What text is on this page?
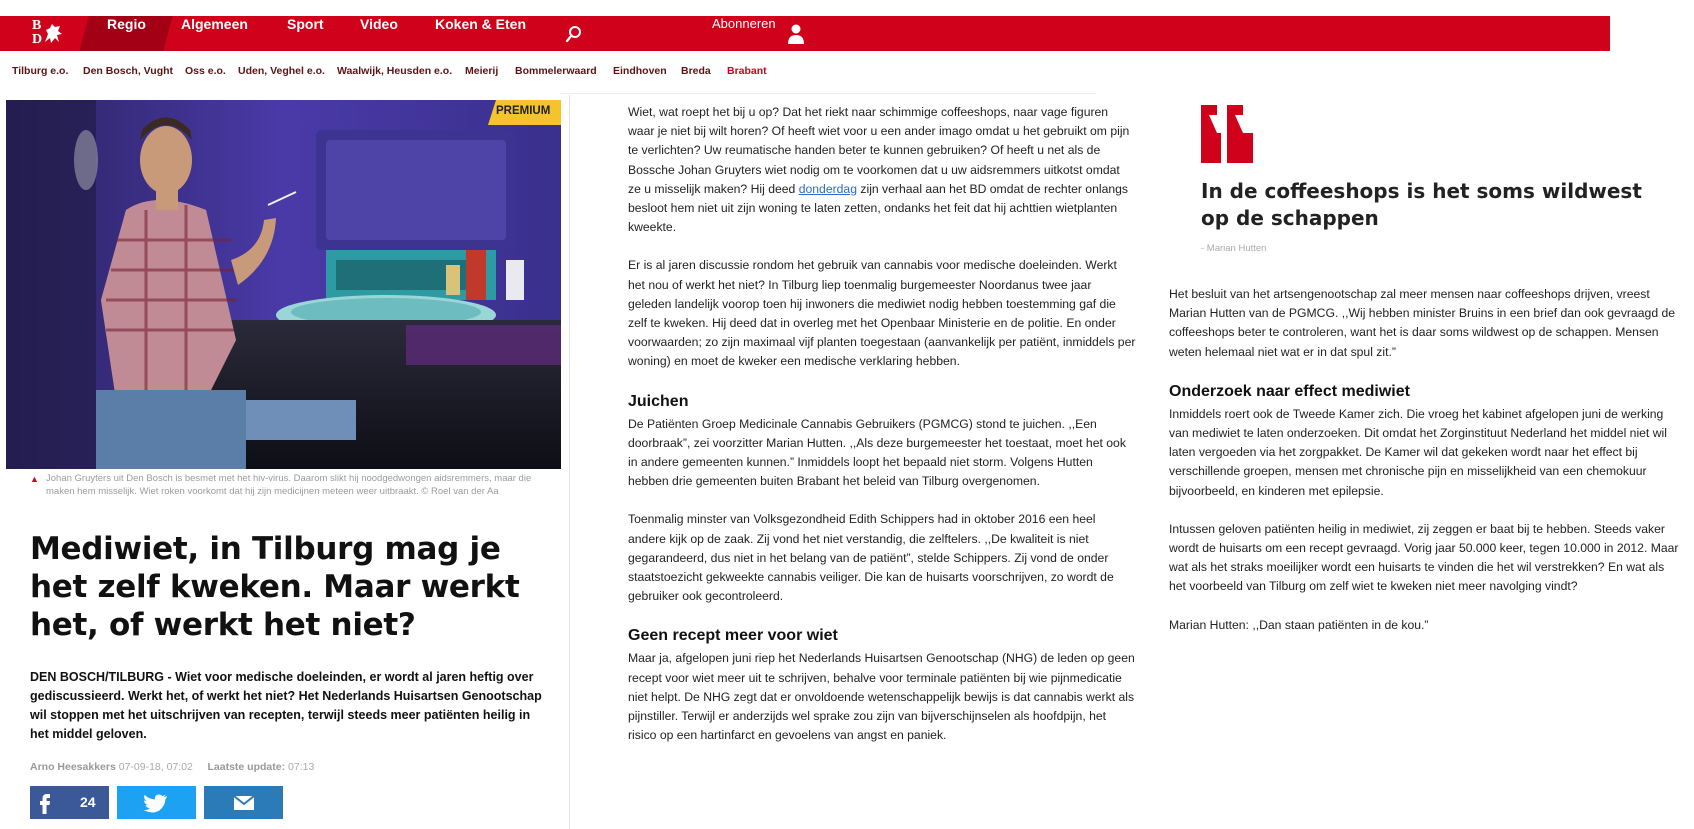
B
D
Regio	Algemeen	Sport	Video	Koken & Eten	Abonneren
Tilburg e.o. Den Bosch, Vught Oss e.o. Uden, Veghel e.o. Waalwijk, Heusden e.o. Meierij Bommelerwaard Eindhoven Breda Brabant
PREMIUM
▲ Johan Gruyters uit Den Bosch is besmet met het hiv-virus. Daarom slikt hij noodgedwongen aidsremmers, maar die maken hem misselijk. Wiet roken voorkomt dat hij zijn medicijnen meteen weer uitbraakt. © Roel van der Aa
Mediwiet, in Tilburg mag je het zelf kweken. Maar werkt het, of werkt het niet?

DEN BOSCH/TILBURG - Wiet voor medische doeleinden, er wordt al jaren heftig over gediscussieerd. Werkt het, of werkt het niet? Het Nederlands Huisartsen Genootschap wil stoppen met het uitschrijven van recepten, terwijl steeds meer patiënten heilig in het middel geloven.

Arno Heesakkers 07-09-18, 07:02 Laatste update: 07:13
24

Wiet, wat roept het bij u op? Dat het riekt naar schimmige coffeeshops, naar vage figuren waar je niet bij wilt horen? Of heeft wiet voor u een ander imago omdat u het gebruikt om pijn te verlichten? Uw reumatische handen beter te kunnen gebruiken? Of heeft u net als de Bossche Johan Gruyters wiet nodig om te voorkomen dat u uw aidsremmers uitkotst omdat ze u misselijk maken? Hij deed donderdag zijn verhaal aan het BD omdat de rechter onlangs besloot hem niet uit zijn woning te laten zetten, ondanks het feit dat hij achttien wietplanten kweekte.

Er is al jaren discussie rondom het gebruik van cannabis voor medische doeleinden. Werkt het nou of werkt het niet? In Tilburg liep toenmalig burgemeester Noordanus twee jaar geleden landelijk voorop toen hij inwoners die mediwiet nodig hebben toestemming gaf die zelf te kweken. Hij deed dat in overleg met het Openbaar Ministerie en de politie. En onder voorwaarden; zo zijn maximaal vijf planten toegestaan (aanvankelijk per patiënt, inmiddels per woning) en moet de kweker een medische verklaring hebben.

Juichen

De Patiënten Groep Medicinale Cannabis Gebruikers (PGMCG) stond te juichen. ,,Een doorbraak”, zei voorzitter Marian Hutten. ,,Als deze burgemeester het toestaat, moet het ook in andere gemeenten kunnen.” Inmiddels loopt het bepaald niet storm. Volgens Hutten hebben drie gemeenten buiten Brabant het beleid van Tilburg overgenomen.

Toenmalig minster van Volksgezondheid Edith Schippers had in oktober 2016 een heel andere kijk op de zaak. Zij vond het niet verstandig, die zelftelers. ,,De kwaliteit is niet gegarandeerd, dus niet in het belang van de patiënt”, stelde Schippers. Zij vond de onder staatstoezicht gekweekte cannabis veiliger. Die kan de huisarts voorschrijven, zo wordt de gebruiker ook gecontroleerd.

Geen recept meer voor wiet

Maar ja, afgelopen juni riep het Nederlands Huisartsen Genootschap (NHG) de leden op geen recept voor wiet meer uit te schrijven, behalve voor terminale patiënten bij wie pijnmedicatie niet helpt. De NHG zegt dat er onvoldoende wetenschappelijk bewijs is dat cannabis werkt als pijnstiller. Terwijl er anderzijds wel sprake zou zijn van bijverschijnselen als hoofdpijn, het risico op een hartinfarct en gevoelens van angst en paniek.

In de coffeeshops is het soms wildwest op de schappen
- Marian Hutten

Het besluit van het artsengenootschap zal meer mensen naar coffeeshops drijven, vreest Marian Hutten van de PGMCG. ,,Wij hebben minister Bruins in een brief dan ook gevraagd de coffeeshops beter te controleren, want het is daar soms wildwest op de schappen. Mensen weten helemaal niet wat er in dat spul zit.”

Onderzoek naar effect mediwiet

Inmiddels roert ook de Tweede Kamer zich. Die vroeg het kabinet afgelopen juni de werking van mediwiet te laten onderzoeken. Dit omdat het Zorginstituut Nederland het middel niet wil laten vergoeden via het zorgpakket. De Kamer wil dat gekeken wordt naar het effect bij verschillende groepen, mensen met chronische pijn en misselijkheid van een chemokuur bijvoorbeeld, en kinderen met epilepsie.

Intussen geloven patiënten heilig in mediwiet, zij zeggen er baat bij te hebben. Steeds vaker wordt de huisarts om een recept gevraagd. Vorig jaar 50.000 keer, tegen 10.000 in 2012. Maar wat als het straks moeilijker wordt een huisarts te vinden die het wil verstrekken? En wat als het voorbeeld van Tilburg om zelf wiet te kweken niet meer navolging vindt?

Marian Hutten: ,,Dan staan patiënten in de kou.”
